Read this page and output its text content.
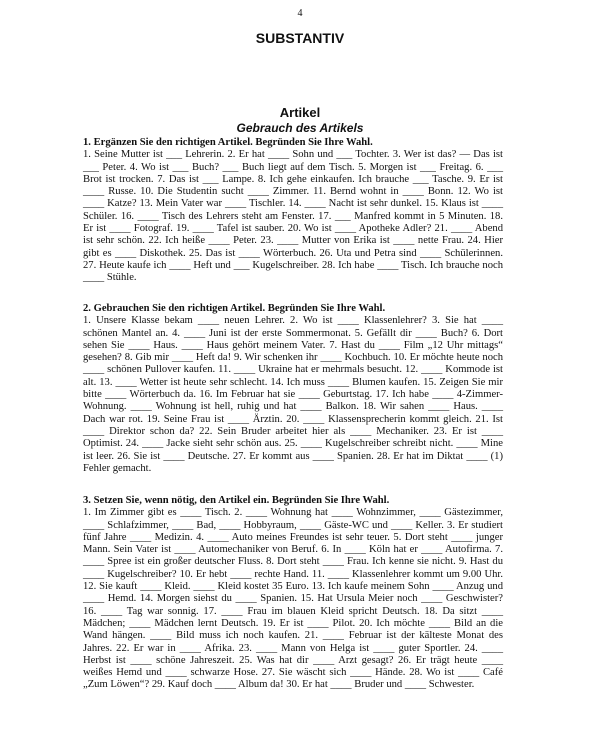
4
SUBSTANTIV
Artikel
Gebrauch des Artikels
1. Ergänzen Sie den richtigen Artikel. Begründen Sie Ihre Wahl.
1. Seine Mutter ist ___ Lehrerin. 2. Er hat ____ Sohn und ___ Tochter. 3. Wer ist das? — Das ist ___ Peter. 4. Wo ist ___ Buch? ___ Buch liegt auf dem Tisch. 5. Morgen ist ___ Freitag. 6. ___ Brot ist trocken. 7. Das ist ___ Lampe. 8. Ich gehe einkaufen. Ich brauche ___ Tasche. 9. Er ist ____ Russe. 10. Die Studentin sucht ____ Zimmer. 11. Bernd wohnt in ____ Bonn. 12. Wo ist ____ Katze? 13. Mein Vater war ____ Tischler. 14. ____ Nacht ist sehr dunkel. 15. Klaus ist ____ Schüler. 16. ____ Tisch des Lehrers steht am Fenster. 17. ___ Manfred kommt in 5 Minuten. 18. Er ist ____ Fotograf. 19. ____ Tafel ist sauber. 20. Wo ist ____ Apotheke Adler? 21. ____ Abend ist sehr schön. 22. Ich heiße ____ Peter. 23. ____ Mutter von Erika ist ____ nette Frau. 24. Hier gibt es ____ Diskothek. 25. Das ist ____ Wörterbuch. 26. Uta und Petra sind ____ Schülerinnen. 27. Heute kaufe ich ____ Heft und ___ Kugelschreiber. 28. Ich habe ____ Tisch. Ich brauche noch ____ Stühle.
2. Gebrauchen Sie den richtigen Artikel. Begründen Sie Ihre Wahl.
1. Unsere Klasse bekam ____ neuen Lehrer. 2. Wo ist ____ Klassenlehrer? 3. Sie hat ____ schönen Mantel an. 4. ____ Juni ist der erste Sommermonat. 5. Gefällt dir ____ Buch? 6. Dort sehen Sie ____ Haus. ____ Haus gehört meinem Vater. 7. Hast du ____ Film „12 Uhr mittags“ gesehen? 8. Gib mir ____ Heft da! 9. Wir schenken ihr ____ Kochbuch. 10. Er möchte heute noch ____ schönen Pullover kaufen. 11. ____ Ukraine hat er mehrmals besucht. 12. ____ Kommode ist alt. 13. ____ Wetter ist heute sehr schlecht. 14. Ich muss ____ Blumen kaufen. 15. Zeigen Sie mir bitte ____ Wörterbuch da. 16. Im Februar hat sie ____ Geburtstag. 17. Ich habe ____ 4-Zimmer-Wohnung. ____ Wohnung ist hell, ruhig und hat ____ Balkon. 18. Wir sahen ____ Haus. ____ Dach war rot. 19. Seine Frau ist ____ Ärztin. 20. ____ Klassensprecherin kommt gleich. 21. Ist ____ Direktor schon da? 22. Sein Bruder arbeitet hier als ____ Mechaniker. 23. Er ist ____ Optimist. 24. ____ Jacke sieht sehr schön aus. 25. ____ Kugelschreiber schreibt nicht. ____ Mine ist leer. 26. Sie ist ____ Deutsche. 27. Er kommt aus ____ Spanien. 28. Er hat im Diktat ____ (1) Fehler gemacht.
3. Setzen Sie, wenn nötig, den Artikel ein. Begründen Sie Ihre Wahl.
1. Im Zimmer gibt es ____ Tisch. 2. ____ Wohnung hat ____ Wohnzimmer, ____ Gästezimmer, ____ Schlafzimmer, ____ Bad, ____ Hobbyraum, ____ Gäste-WC und ____ Keller. 3. Er studiert fünf Jahre ____ Medizin. 4. ____ Auto meines Freundes ist sehr teuer. 5. Dort steht ____ junger Mann. Sein Vater ist ____ Automechaniker von Beruf. 6. In ____ Köln hat er ____ Autofirma. 7. ____ Spree ist ein großer deutscher Fluss. 8. Dort steht ____ Frau. Ich kenne sie nicht. 9. Hast du ____ Kugelschreiber? 10. Er hebt ____ rechte Hand. 11. ____ Klassenlehrer kommt um 9.00 Uhr. 12. Sie kauft ____ Kleid. ____ Kleid kostet 35 Euro. 13. Ich kaufe meinem Sohn ____ Anzug und ____ Hemd. 14. Morgen siehst du ____ Spanien. 15. Hat Ursula Meier noch ____ Geschwister? 16. ____ Tag war sonnig. 17. ____ Frau im blauen Kleid spricht Deutsch. 18. Da sitzt ____ Mädchen; ____ Mädchen lernt Deutsch. 19. Er ist ____ Pilot. 20. Ich möchte ____ Bild an die Wand hängen. ____ Bild muss ich noch kaufen. 21. ____ Februar ist der kälteste Monat des Jahres. 22. Er war in ____ Afrika. 23. ____ Mann von Helga ist ____ guter Sportler. 24. ____ Herbst ist ____ schöne Jahreszeit. 25. Was hat dir ____ Arzt gesagt? 26. Er trägt heute ____ weißes Hemd und ____ schwarze Hose. 27. Sie wäscht sich ____ Hände. 28. Wo ist ____ Café „Zum Löwen“? 29. Kauf doch ____ Album da! 30. Er hat ____ Bruder und ____ Schwester.
